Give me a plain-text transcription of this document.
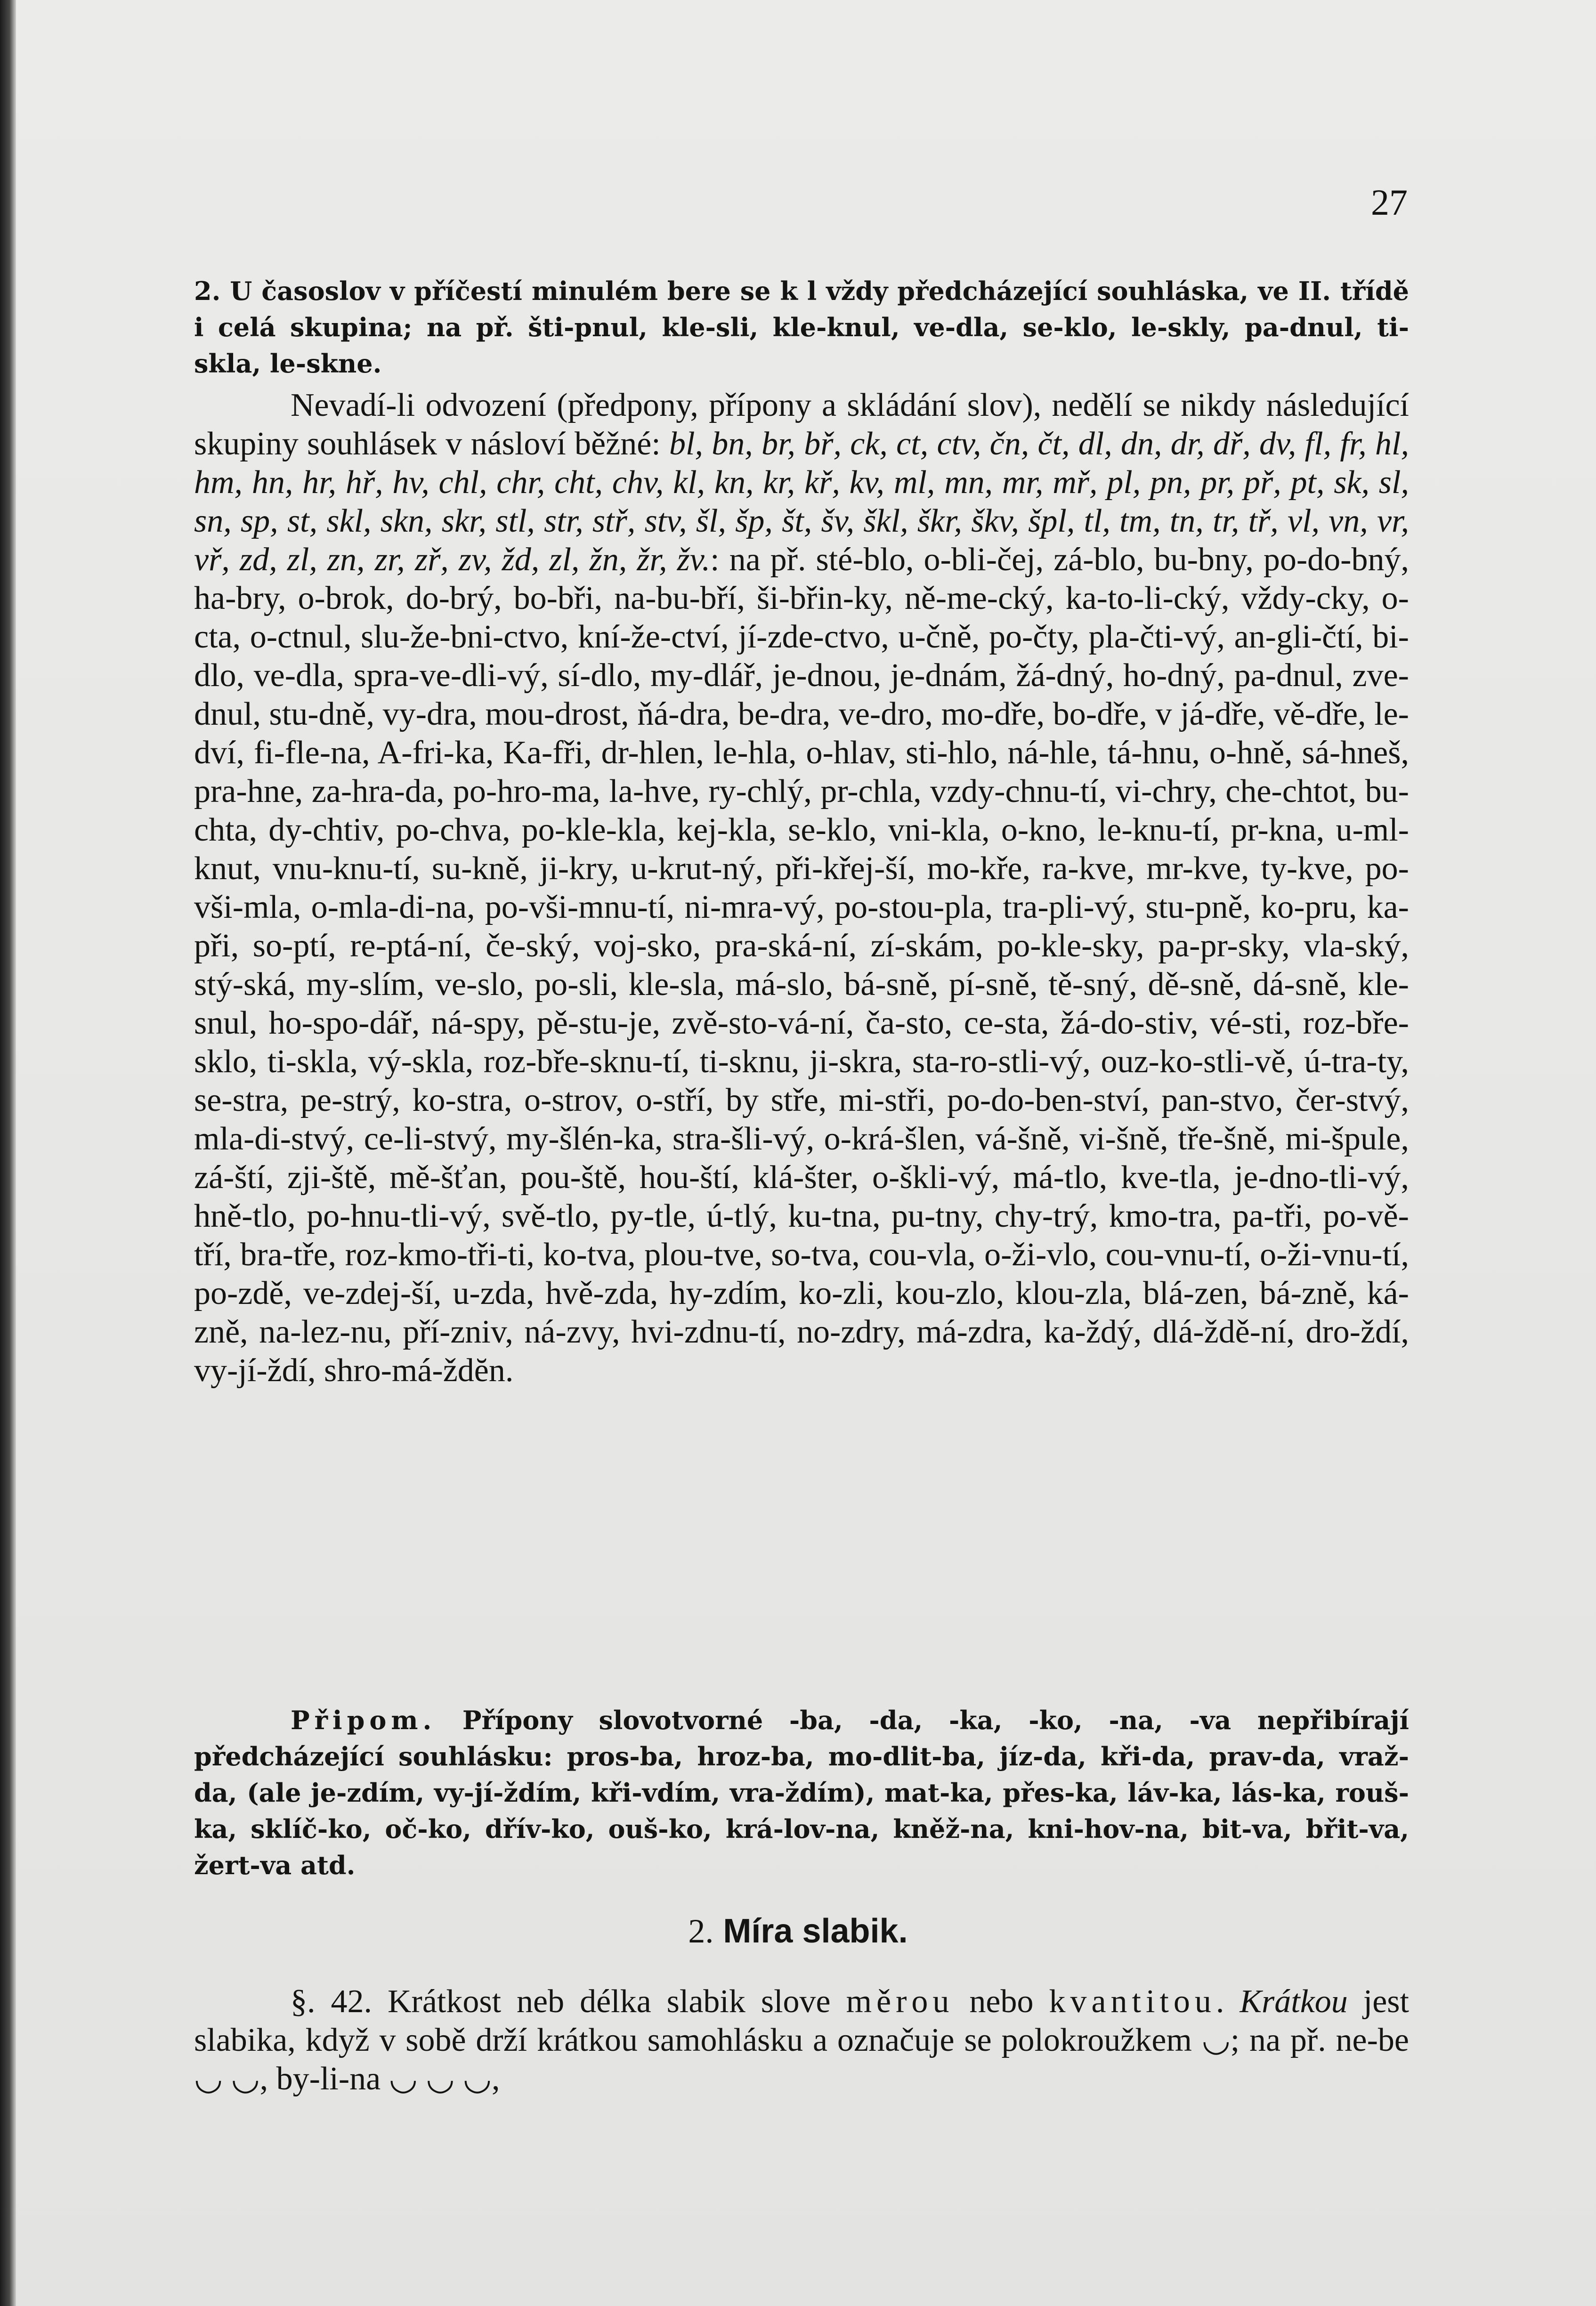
27

2. U časoslov v příčestí minulém bere se k l vždy předcházející souhláska, ve II. třídě i celá skupina; na př. šti-pnul, kle-sli, kle-knul, ve-dla, se-klo, le-skly, pa-dnul, ti-skla, le-skne.

Nevadí-li odvození (předpony, přípony a skládání slov), nedělí se nikdy následující skupiny souhlásek v násloví běžné: bl, bn, br, bř, ck, ct, ctv, čn, čt, dl, dn, dr, dř, dv, fl, fr, hl, hm, hn, hr, hř, hv, chl, chr, cht, chv, kl, kn, kr, kř, kv, ml, mn, mr, mř, pl, pn, pr, př, pt, sk, sl, sn, sp, st, skl, skn, skr, stl, str, stř, stv, šl, šp, št, šv, škl, škr, škv, špl, tl, tm, tn, tr, tř, vl, vn, vr, vř, zd, zl, zn, zr, zř, zv, žd, zl, žn, žr, žv.: na př. sté-blo, o-bli-čej, zá-blo, bu-bny, po-do-bný, ha-bry, o-brok, do-brý, bo-bři, na-bu-bří, ši-břin-ky, ně-me-cký, ka-to-li-cký, vždy-cky, o-cta, o-ctnul, slu-že-bni-ctvo, kní-že-ctví, jí-zde-ctvo, u-čně, po-čty, pla-čti-vý, an-gli-čtí, bi-dlo, ve-dla, spra-ve-dli-vý, sí-dlo, my-dlář, je-dnou, je-dnám, žá-dný, ho-dný, pa-dnul, zve-dnul, stu-dně, vy-dra, mou-drost, ňá-dra, be-dra, ve-dro, mo-dře, bo-dře, v já-dře, vě-dře, le-dví, fi-fle-na, A-fri-ka, Ka-fři, dr-hlen, le-hla, o-hlav, sti-hlo, ná-hle, tá-hnu, o-hně, sá-hneš, pra-hne, za-hra-da, po-hro-ma, la-hve, ry-chlý, pr-chla, vzdy-chnu-tí, vi-chry, che-chtot, bu-chta, dy-chtiv, po-chva, po-kle-kla, kej-kla, se-klo, vni-kla, o-kno, le-knu-tí, pr-kna, u-ml-knut, vnu-knu-tí, su-kně, ji-kry, u-krut-ný, při-křej-ší, mo-kře, ra-kve, mr-kve, ty-kve, po-vši-mla, o-mla-di-na, po-vši-mnu-tí, ni-mra-vý, po-stou-pla, tra-pli-vý, stu-pně, ko-pru, ka-při, so-ptí, re-ptá-ní, če-ský, voj-sko, pra-ská-ní, zí-skám, po-kle-sky, pa-pr-sky, vla-ský, stý-ská, my-slím, ve-slo, po-sli, kle-sla, má-slo, bá-sně, pí-sně, tě-sný, dě-sně, dá-sně, kle-snul, ho-spo-dář, ná-spy, pě-stu-je, zvě-sto-vá-ní, ča-sto, ce-sta, žá-do-stiv, vé-sti, roz-bře-sklo, ti-skla, vý-skla, roz-bře-sknu-tí, ti-sknu, ji-skra, sta-ro-stli-vý, ouz-ko-stli-vě, ú-tra-ty, se-stra, pe-strý, ko-stra, o-strov, o-stří, by stře, mi-stři, po-do-ben-ství, pan-stvo, čer-stvý, mla-di-stvý, ce-li-stvý, my-šlén-ka, stra-šli-vý, o-krá-šlen, vá-šně, vi-šně, tře-šně, mi-špule, zá-ští, zji-ště, mě-šťan, pou-ště, hou-ští, klá-šter, o-škli-vý, má-tlo, kve-tla, je-dno-tli-vý, hně-tlo, po-hnu-tli-vý, svě-tlo, py-tle, ú-tlý, ku-tna, pu-tny, chy-trý, kmo-tra, pa-tři, po-vě-tří, bra-tře, roz-kmo-tři-ti, ko-tva, plou-tve, so-tva, cou-vla, o-ži-vlo, cou-vnu-tí, o-ži-vnu-tí, po-zdě, ve-zdej-ší, u-zda, hvě-zda, hy-zdím, ko-zli, kou-zlo, klou-zla, blá-zen, bá-zně, ká-zně, na-lez-nu, pří-zniv, ná-zvy, hvi-zdnu-tí, no-zdry, má-zdra, ka-ždý, dlá-ždě-ní, dro-ždí, vy-jí-ždí, shro-má-ždĕn.

Připom. Přípony slovotvorné -ba, -da, -ka, -ko, -na, -va nepřibírají předcházející souhlásku: pros-ba, hroz-ba, mo-dlit-ba, jíz-da, kři-da, prav-da, vraž-da, (ale je-zdím, vy-jí-ždím, kři-vdím, vra-ždím), mat-ka, přes-ka, láv-ka, lás-ka, rouš-ka, sklíč-ko, oč-ko, dřív-ko, ouš-ko, krá-lov-na, kněž-na, kni-hov-na, bit-va, břit-va, žert-va atd.

2. Míra slabik.

§. 42. Krátkost neb délka slabik slove měrou nebo kvantitou. Krátkou jest slabika, když v sobě drží krátkou samohlásku a označuje se polokroužkem ◡; na př. ne-be ◡ ◡, by-li-na ◡ ◡ ◡,
